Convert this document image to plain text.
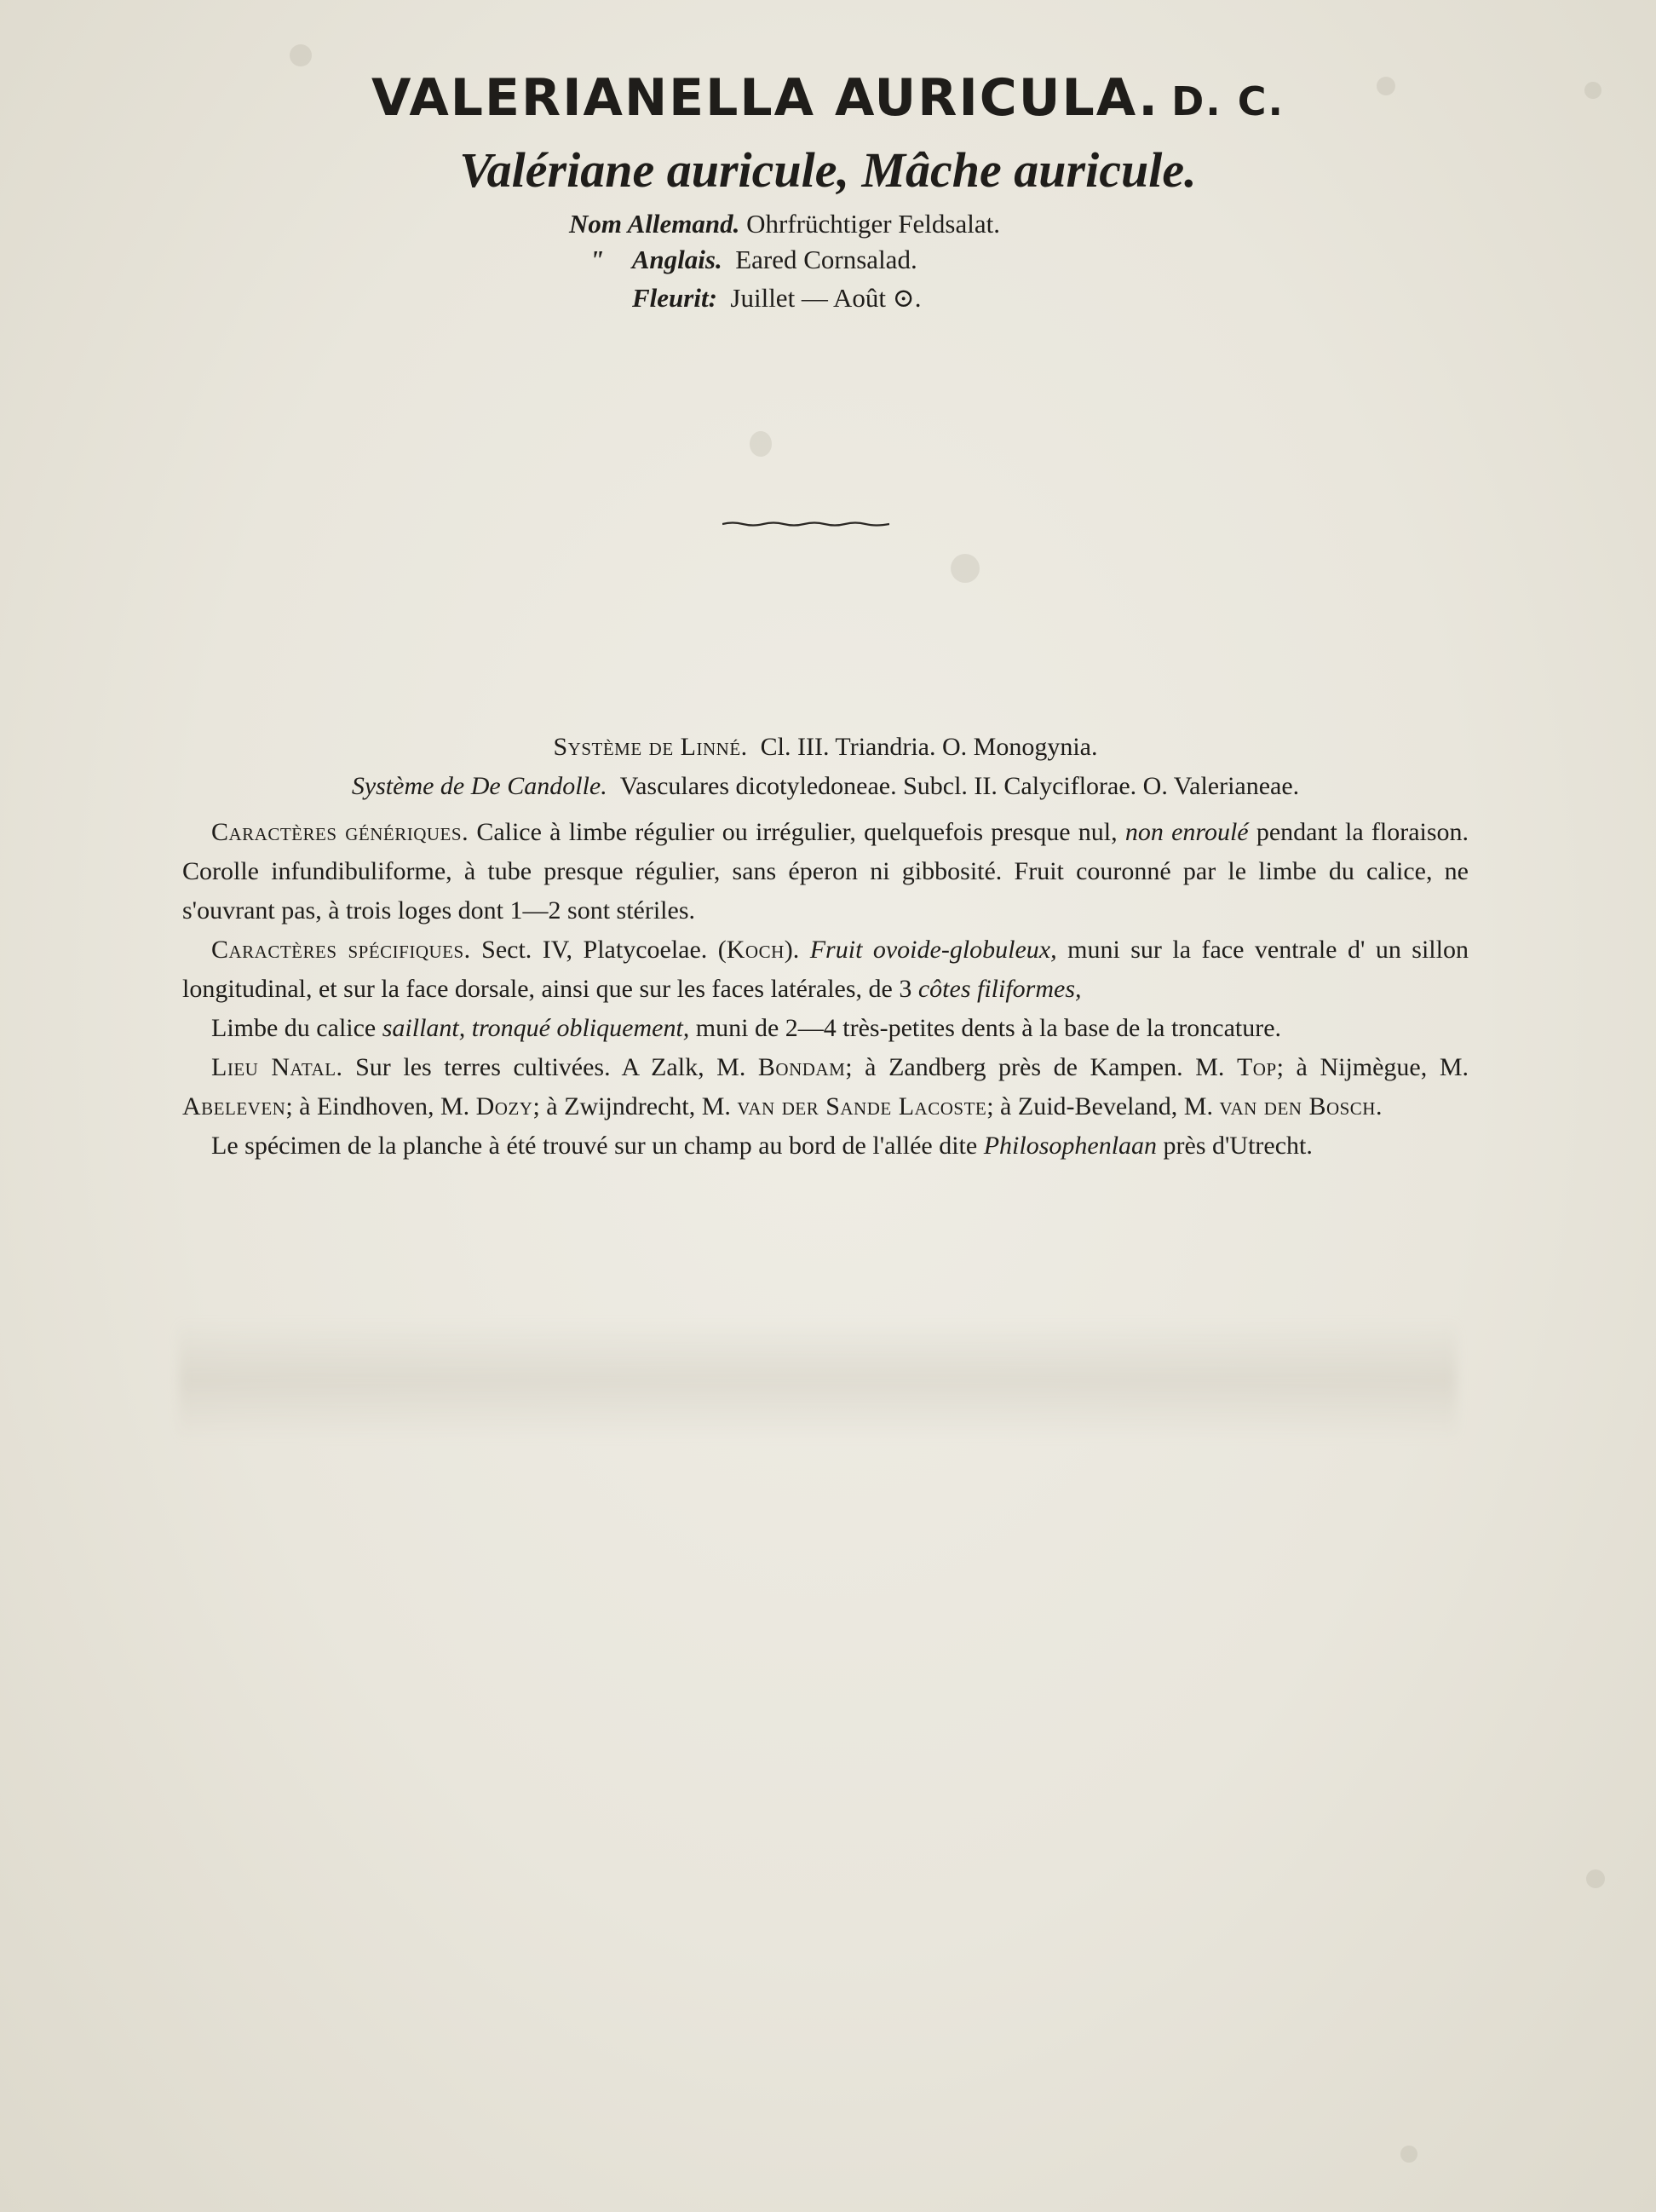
VALERIANELLA AURICULA. D. C.
Valériane auricule, Mâche auricule.
Nom Allemand. Ohrfrüchtiger Feldsalat.
" Anglais. Eared Cornsalad.
Fleurit: Juillet — Août ⊙.
Système de Linné. Cl. III. Triandria. O. Monogynia.
Système de De Candolle. Vasculares dicotyledoneae. Subcl. II. Calyciflorae. O. Valerianeae.

Caractères génériques. Calice à limbe régulier ou irrégulier, quelquefois presque nul, non enroulé pendant la floraison. Corolle infundibuliforme, à tube presque régulier, sans éperon ni gibbosité. Fruit couronné par le limbe du calice, ne s'ouvrant pas, à trois loges dont 1—2 sont stériles.

Caractères spécifiques. Sect. IV, Platycoelae. (Koch). Fruit ovoide-globuleux, muni sur la face ventrale d' un sillon longitudinal, et sur la face dorsale, ainsi que sur les faces latérales, de 3 côtes filiformes,

Limbe du calice saillant, tronqué obliquement, muni de 2—4 très-petites dents à la base de la troncature.

Lieu Natal. Sur les terres cultivées. A Zalk, M. Bondam; à Zandberg près de Kampen. M. Top; à Nijmègue, M. Abeleven; à Eindhoven, M. Dozy; à Zwijndrecht, M. van der Sande Lacoste; à Zuid-Beveland, M. van den Bosch.

Le spécimen de la planche à été trouvé sur un champ au bord de l'allée dite Philosophenlaan près d'Utrecht.
